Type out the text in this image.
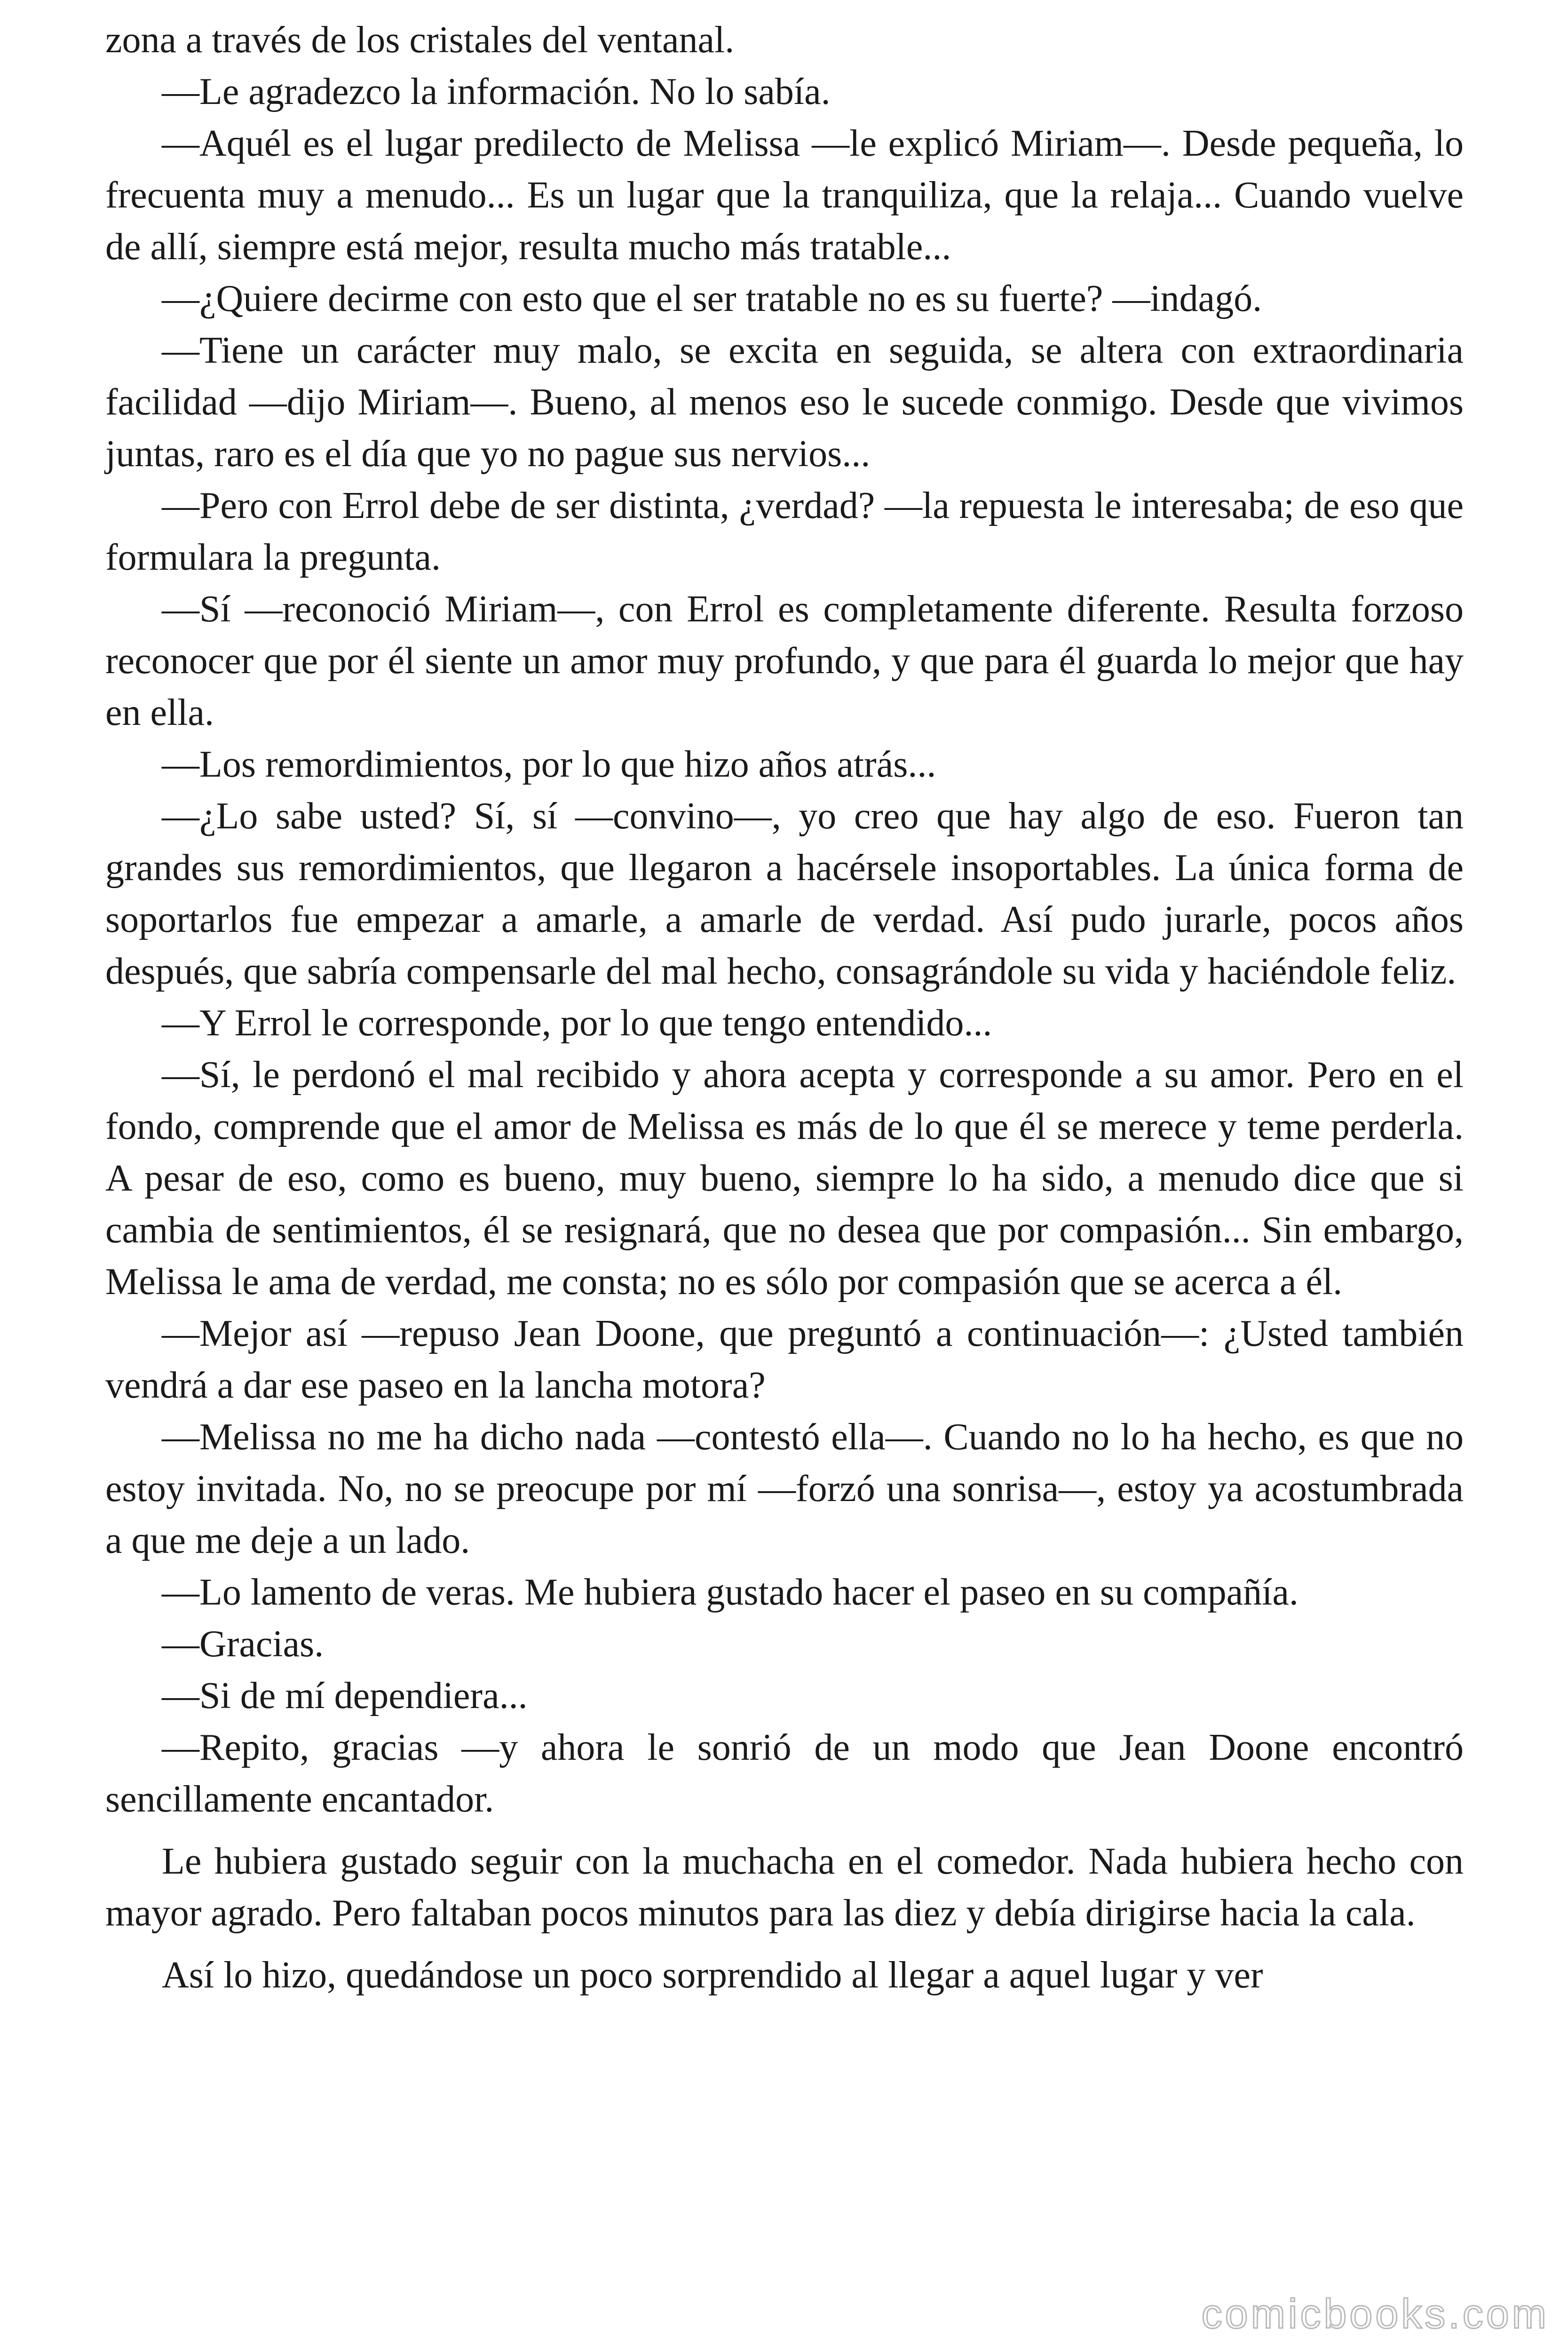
zona a través de los cristales del ventanal.

—Le agradezco la información. No lo sabía.

—Aquél es el lugar predilecto de Melissa —le explicó Miriam—. Desde pequeña, lo frecuenta muy a menudo... Es un lugar que la tranquiliza, que la relaja... Cuando vuelve de allí, siempre está mejor, resulta mucho más tratable...

—¿Quiere decirme con esto que el ser tratable no es su fuerte? —indagó.

—Tiene un carácter muy malo, se excita en seguida, se altera con extraordinaria facilidad —dijo Miriam—. Bueno, al menos eso le sucede conmigo. Desde que vivimos juntas, raro es el día que yo no pague sus nervios...

—Pero con Errol debe de ser distinta, ¿verdad? —la repuesta le interesaba; de eso que formulara la pregunta.

—Sí —reconoció Miriam—, con Errol es completamente diferente. Resulta forzoso reconocer que por él siente un amor muy profundo, y que para él guarda lo mejor que hay en ella.

—Los remordimientos, por lo que hizo años atrás...

—¿Lo sabe usted? Sí, sí —convino—, yo creo que hay algo de eso. Fueron tan grandes sus remordimientos, que llegaron a hacérsele insoportables. La única forma de soportarlos fue empezar a amarle, a amarle de verdad. Así pudo jurarle, pocos años después, que sabría compensarle del mal hecho, consagrándole su vida y haciéndole feliz.

—Y Errol le corresponde, por lo que tengo entendido...

—Sí, le perdonó el mal recibido y ahora acepta y corresponde a su amor. Pero en el fondo, comprende que el amor de Melissa es más de lo que él se merece y teme perderla. A pesar de eso, como es bueno, muy bueno, siempre lo ha sido, a menudo dice que si cambia de sentimientos, él se resignará, que no desea que por compasión... Sin embargo, Melissa le ama de verdad, me consta; no es sólo por compasión que se acerca a él.

—Mejor así —repuso Jean Doone, que preguntó a continuación—: ¿Usted también vendrá a dar ese paseo en la lancha motora?

—Melissa no me ha dicho nada —contestó ella—. Cuando no lo ha hecho, es que no estoy invitada. No, no se preocupe por mí —forzó una sonrisa—, estoy ya acostumbrada a que me deje a un lado.

—Lo lamento de veras. Me hubiera gustado hacer el paseo en su compañía.

—Gracias.

—Si de mí dependiera...

—Repito, gracias —y ahora le sonrió de un modo que Jean Doone encontró sencillamente encantador.

Le hubiera gustado seguir con la muchacha en el comedor. Nada hubiera hecho con mayor agrado. Pero faltaban pocos minutos para las diez y debía dirigirse hacia la cala.

Así lo hizo, quedándose un poco sorprendido al llegar a aquel lugar y ver

comicbooks.com
